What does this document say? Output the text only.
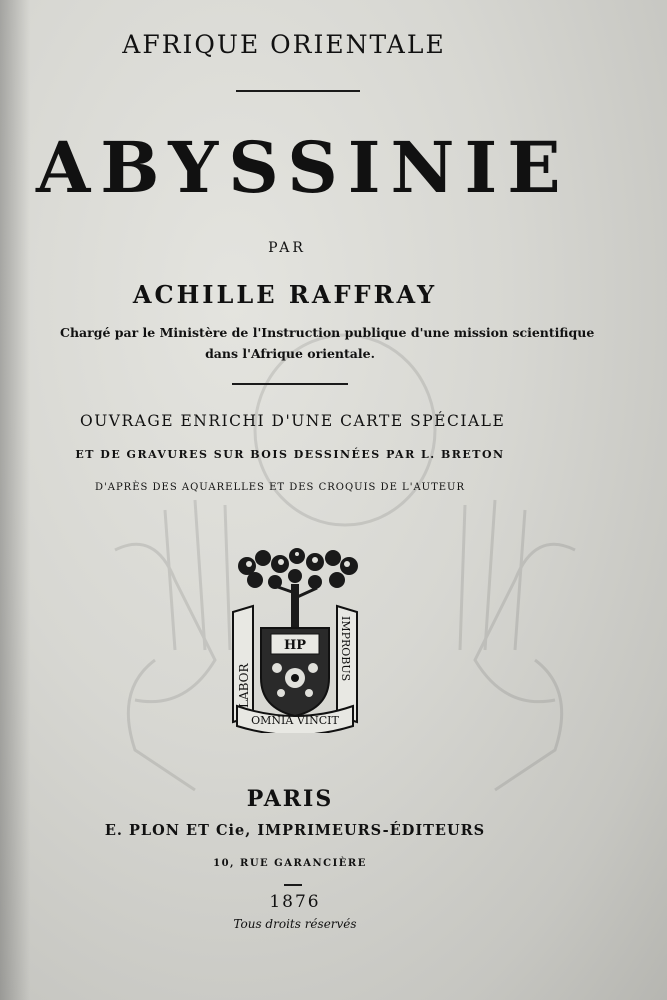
AFRIQUE ORIENTALE
ABYSSINIE
PAR
ACHILLE RAFFRAY
Chargé par le Ministère de l'Instruction publique d'une mission scientifique
dans l'Afrique orientale.
OUVRAGE ENRICHI D'UNE CARTE SPÉCIALE
ET DE GRAVURES SUR BOIS DESSINÉES PAR L. BRETON
D'APRÈS DES AQUARELLES ET DES CROQUIS DE L'AUTEUR
HP
LABOR
IMPROBUS
OMNIA VINCIT
PARIS
E. PLON ET Cie, IMPRIMEURS-ÉDITEURS
10, RUE GARANCIÈRE
1876
Tous droits réservés
